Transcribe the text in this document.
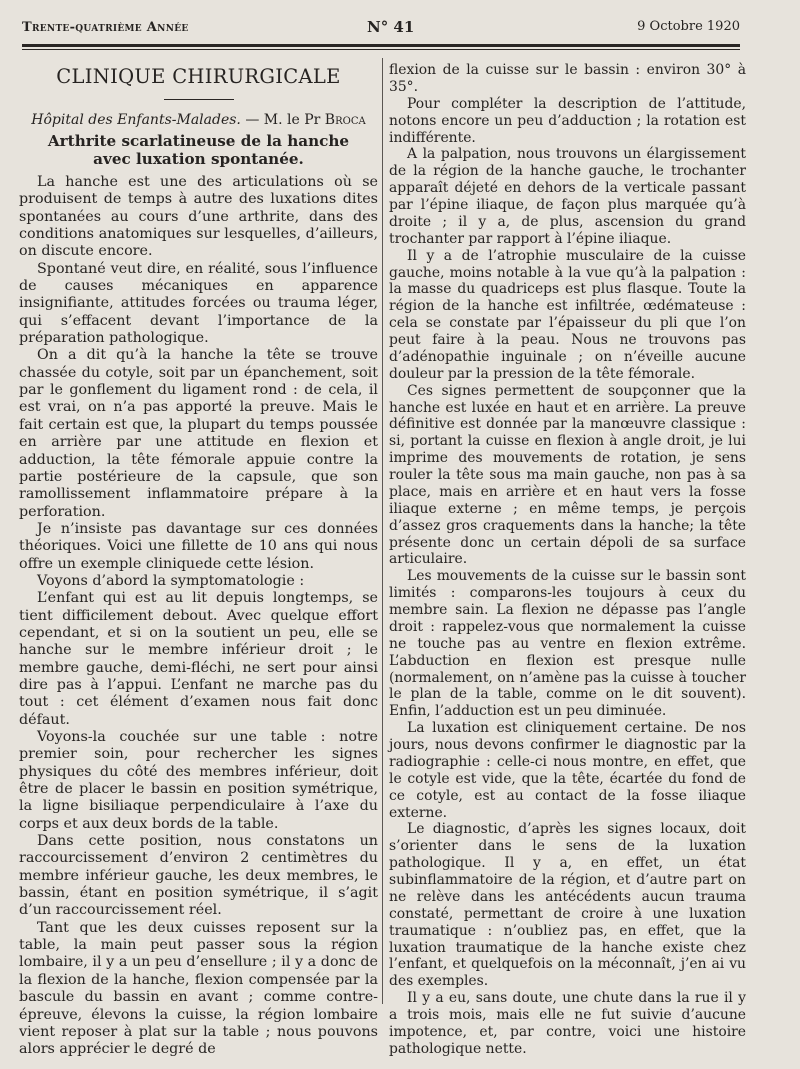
Trente-quatrième Année	N° 41	9 Octobre 1920
CLINIQUE CHIRURGICALE
Hôpital des Enfants-Malades. — M. le Pr Broca
Arthrite scarlatineuse de la hanche
avec luxation spontanée.

La hanche est une des articulations où se produisent de temps à autre des luxations dites spontanées au cours d’une arthrite, dans des conditions anatomiques sur lesquelles, d’ailleurs, on discute encore.

Spontané veut dire, en réalité, sous l’influence de causes mécaniques en apparence insignifiante, attitudes forcées ou trauma léger, qui s’effacent devant l’importance de la préparation pathologique.

On a dit qu’à la hanche la tête se trouve chassée du cotyle, soit par un épanchement, soit par le gonflement du ligament rond : de cela, il est vrai, on n’a pas apporté la preuve. Mais le fait certain est que, la plupart du temps poussée en arrière par une attitude en flexion et adduction, la tête fémorale appuie contre la partie postérieure de la capsule, que son ramollissement inflammatoire prépare à la perforation.

Je n’insiste pas davantage sur ces données théoriques. Voici une fillette de 10 ans qui nous offre un exemple cliniquede cette lésion.

Voyons d’abord la symptomatologie :

L’enfant qui est au lit depuis longtemps, se tient difficilement debout. Avec quelque effort cependant, et si on la soutient un peu, elle se hanche sur le membre inférieur droit ; le membre gauche, demi-fléchi, ne sert pour ainsi dire pas à l’appui. L’enfant ne marche pas du tout : cet élément d’examen nous fait donc défaut.

Voyons-la couchée sur une table : notre premier soin, pour rechercher les signes physiques du côté des membres inférieur, doit être de placer le bassin en position symétrique, la ligne bisiliaque perpendiculaire à l’axe du corps et aux deux bords de la table.

Dans cette position, nous constatons un raccourcissement d’environ 2 centimètres du membre inférieur gauche, les deux membres, le bassin, étant en position symétrique, il s’agit d’un raccourcissement réel.

Tant que les deux cuisses reposent sur la table, la main peut passer sous la région lombaire, il y a un peu d’ensellure ; il y a donc de la flexion de la hanche, flexion compensée par la bascule du bassin en avant ; comme contre-épreuve, élevons la cuisse, la région lombaire vient reposer à plat sur la table ; nous pouvons alors apprécier le degré de

flexion de la cuisse sur le bassin : environ 30° à 35°.

Pour compléter la description de l’attitude, notons encore un peu d’adduction ; la rotation est indifférente.

A la palpation, nous trouvons un élargissement de la région de la hanche gauche, le trochanter apparaît déjeté en dehors de la verticale passant par l’épine iliaque, de façon plus marquée qu’à droite ; il y a, de plus, ascension du grand trochanter par rapport à l’épine iliaque.

Il y a de l’atrophie musculaire de la cuisse gauche, moins notable à la vue qu’à la palpation : la masse du quadriceps est plus flasque. Toute la région de la hanche est infiltrée, œdémateuse : cela se constate par l’épaisseur du pli que l’on peut faire à la peau. Nous ne trouvons pas d’adénopathie inguinale ; on n’éveille aucune douleur par la pression de la tête fémorale.

Ces signes permettent de soupçonner que la hanche est luxée en haut et en arrière. La preuve définitive est donnée par la manœuvre classique : si, portant la cuisse en flexion à angle droit, je lui imprime des mouvements de rotation, je sens rouler la tête sous ma main gauche, non pas à sa place, mais en arrière et en haut vers la fosse iliaque externe ; en même temps, je perçois d’assez gros craquements dans la hanche; la tête présente donc un certain dépoli de sa surface articulaire.

Les mouvements de la cuisse sur le bassin sont limités : comparons-les toujours à ceux du membre sain. La flexion ne dépasse pas l’angle droit : rappelez-vous que normalement la cuisse ne touche pas au ventre en flexion extrême. L’abduction en flexion est presque nulle (normalement, on n’amène pas la cuisse à toucher le plan de la table, comme on le dit souvent). Enfin, l’adduction est un peu diminuée.

La luxation est cliniquement certaine. De nos jours, nous devons confirmer le diagnostic par la radiographie : celle-ci nous montre, en effet, que le cotyle est vide, que la tête, écartée du fond de ce cotyle, est au contact de la fosse iliaque externe.

Le diagnostic, d’après les signes locaux, doit s’orienter dans le sens de la luxation pathologique. Il y a, en effet, un état subinflammatoire de la région, et d’autre part on ne relève dans les antécédents aucun trauma constaté, permettant de croire à une luxation traumatique : n’oubliez pas, en effet, que la luxation traumatique de la hanche existe chez l’enfant, et quelquefois on la méconnaît, j’en ai vu des exemples.

Il y a eu, sans doute, une chute dans la rue il y a trois mois, mais elle ne fut suivie d’aucune impotence, et, par contre, voici une histoire pathologique nette.
